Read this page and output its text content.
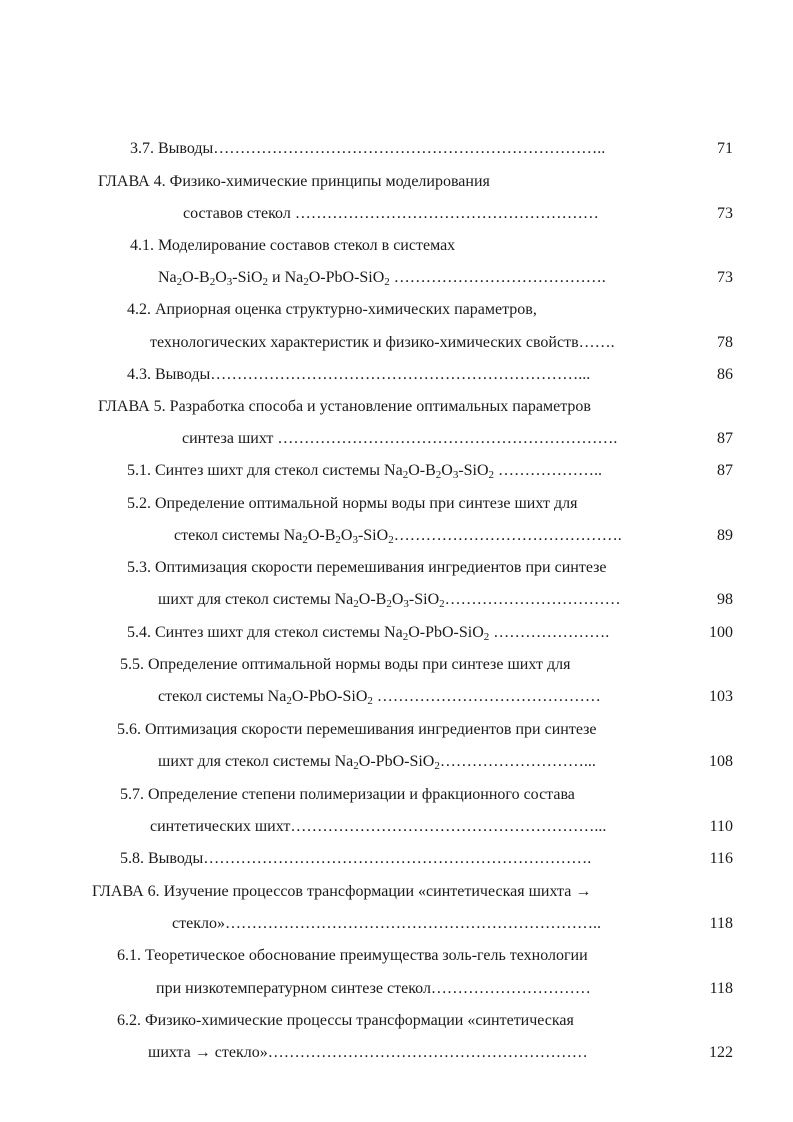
3.7. Выводы………………………………………………………………..	71
ГЛАВА 4. Физико-химические принципы моделирования
составов стекол …………………………………………………	73
4.1. Моделирование составов стекол в системах
$Na_2O-B_2O_3-SiO_2$ и $Na_2O-PbO-SiO_2$ ………………………………….	73
4.2. Априорная оценка структурно-химических параметров,
технологических характеристик и физико-химических свойств…….	78
4.3. Выводы……………………………………………………………...	86
ГЛАВА 5. Разработка способа и установление оптимальных параметров
синтеза шихт ……………………………………………………….	87
5.1. Синтез шихт для стекол системы $Na_2O-B_2O_3-SiO_2$ ………………..	87
5.2. Определение оптимальной нормы воды при синтезе шихт для
стекол системы $Na_2O-B_2O_3-SiO_2\dots\dots\dots\dots\dots\dots\dots\dots\dots\dots\dots\dots\dots\dots$.	89
5.3. Оптимизация скорости перемешивания ингредиентов при синтезе
шихт для стекол системы $Na_2O-B_2O_3-SiO_2\dots\dots\dots\dots\dots\dots\dots\dots\dots\dots\dots$	98
5.4. Синтез шихт для стекол системы $Na_2O-PbO-SiO_2$ ………………….	100
5.5. Определение оптимальной нормы воды при синтезе шихт для
стекол системы $Na_2O-PbO-SiO_2$ ……………………………………	103
5.6. Оптимизация скорости перемешивания ингредиентов при синтезе
шихт для стекол системы $Na_2O-PbO-SiO_2\dots\dots\dots\dots\dots\dots\dots\dots\dots$...	108
5.7. Определение степени полимеризации и фракционного состава
синтетических шихт…………………………………………………...	110
5.8. Выводы……………………………………………………………….	116
ГЛАВА 6. Изучение процессов трансформации «синтетическая шихта →
стекло»……………………………………………………………..	118
6.1. Теоретическое обоснование преимущества золь-гель технологии
при низкотемпературном синтезе стекол…………………………	118
6.2. Физико-химические процессы трансформации «синтетическая
шихта → стекло»……………………………………………………	122
